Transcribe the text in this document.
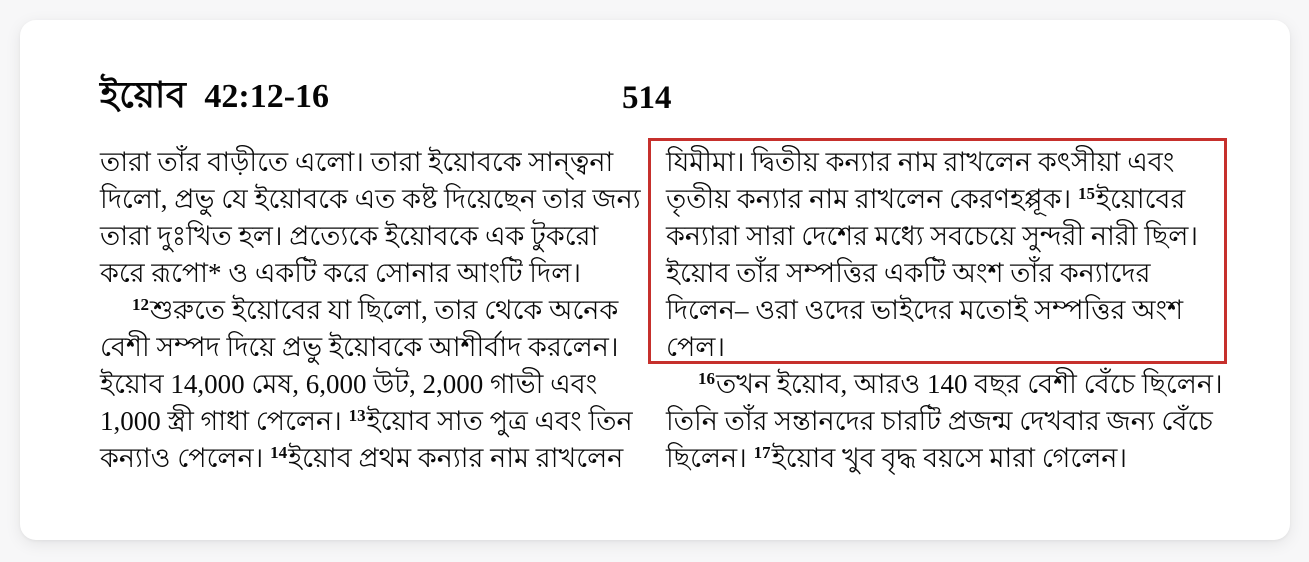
ইয়োব 42:12-16	514
তারা তাঁর বাড়ীতে এলো। তারা ইয়োবকে সান্ত্বনা
দিলো, প্রভু যে ইয়োবকে এত কষ্ট দিয়েছেন তার জন্য
তারা দুঃখিত হল। প্রত্যেকে ইয়োবকে এক টুকরো
করে রূপো* ও একটি করে সোনার আংটি দিল।
$^{12}$শুরুতে ইয়োবের যা ছিলো, তার থেকে অনেক
বেশী সম্পদ দিয়ে প্রভু ইয়োবকে আশীর্বাদ করলেন।
ইয়োব 14,000 মেষ, 6,000 উট, 2,000 গাভী এবং
1,000 স্ত্রী গাধা পেলেন। $^{13}$ইয়োব সাত পুত্র এবং তিন
কন্যাও পেলেন। $^{14}$ইয়োব প্রথম কন্যার নাম রাখলেন
যিমীমা। দ্বিতীয় কন্যার নাম রাখলেন কৎসীয়া এবং
তৃতীয় কন্যার নাম রাখলেন কেরণহপ্পূক। $^{15}$ইয়োবের
কন্যারা সারা দেশের মধ্যে সবচেয়ে সুন্দরী নারী ছিল।
ইয়োব তাঁর সম্পত্তির একটি অংশ তাঁর কন্যাদের
দিলেন– ওরা ওদের ভাইদের মতোই সম্পত্তির অংশ
পেল।
$^{16}$তখন ইয়োব, আরও 140 বছর বেশী বেঁচে ছিলেন।
তিনি তাঁর সন্তানদের চারটি প্রজন্ম দেখবার জন্য বেঁচে
ছিলেন। $^{17}$ইয়োব খুব বৃদ্ধ বয়সে মারা গেলেন।
